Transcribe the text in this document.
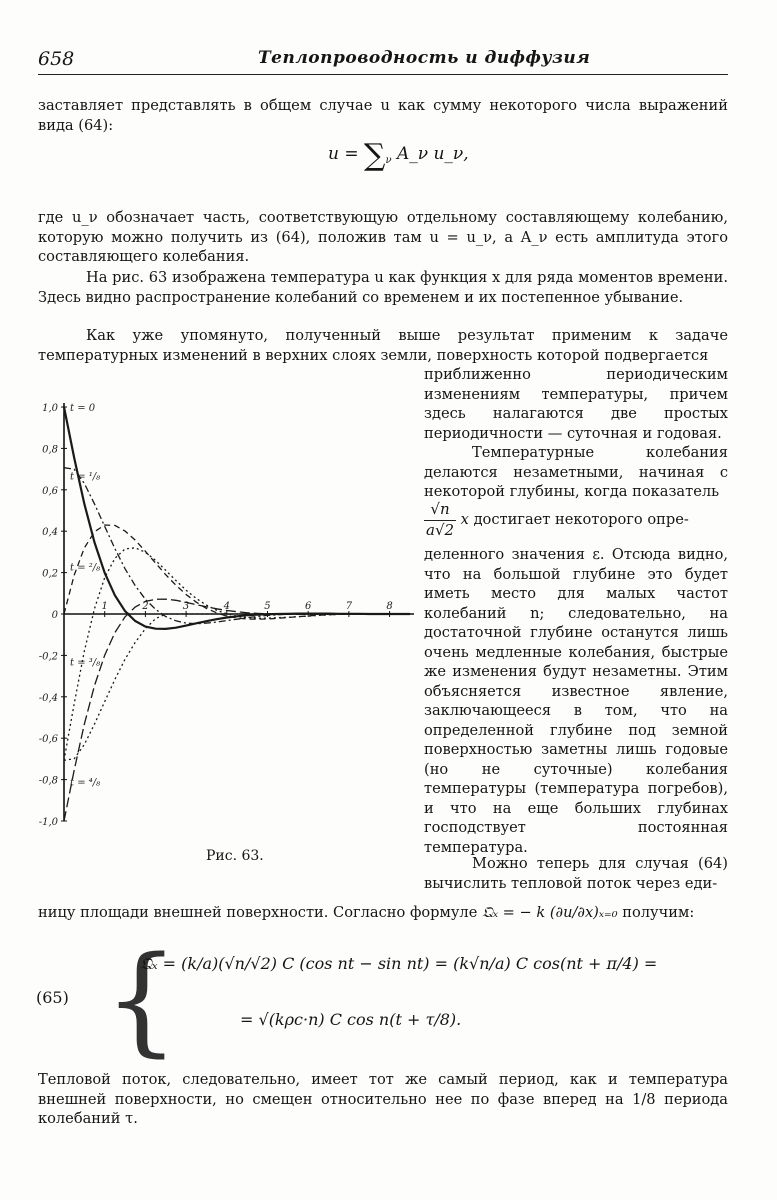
658	Теплопроводность и диффузия

заставляет представлять в общем случае u как сумму некоторого числа выражений вида (64):

$u = \sum_\nu$ A_ν u_ν,

где u_ν обозначает часть, соответствующую отдельному составляющему колебанию, которую можно получить из (64), положив там u = u_ν, а A_ν есть амплитуда этого составляющего колебания.

На рис. 63 изображена температура u как функция x для ряда моментов времени. Здесь видно распространение колебаний со временем и их постепенное убывание.

Как уже упомянуто, полученный выше результат применим к задаче температурных изменений в верхних слоях земли, поверхность которой подвергается

приближенно периодическим изменениям температуры, причем здесь налагаются две простых периодичности — суточная и годовая.

Температурные колебания делаются незаметными, начиная с некоторой глубины, когда показатель

$\frac{√n}{a√2}$ x достигает некоторого опре-

деленного значения ε. Отсюда видно, что на большой глубине это будет иметь место для малых частот колебаний n; следовательно, на достаточной глубине останутся лишь очень медленные колебания, быстрые же изменения будут незаметны. Этим объясняется известное явление, заключающееся в том, что на определенной глубине под земной поверхностью заметны лишь годовые (но не суточные) колебания температуры (температура погребов), и что на еще больших глубинах господствует постоянная температура.

Можно теперь для случая (64) вычислить тепловой поток через еди-

ницу площади внешней поверхности. Согласно формуле 𝔔ₓ = − k (∂u/∂x)ₓ₌₀ получим:
(65) {
𝔔ₓ = (k/a)(√n/√2) C (cos nt − sin nt) = (k√n/a) C cos(nt + π/4) =
= √(kρc·n) C cos n(t + τ/8).

Тепловой поток, следовательно, имеет тот же самый период, как и температура внешней поверхности, но смещен относительно нее по фазе вперед на 1/8 периода колебаний τ.

1,0
0,8
0,6
0,4
0,2
0
-0,2
-0,4
-0,6
-0,8
-1,0
1	2	3	4	5	6	7	8
t = 0
t = ¹/₈
t = ²/₈
t = ³/₈
t = ⁴/₈
Рис. 63.
